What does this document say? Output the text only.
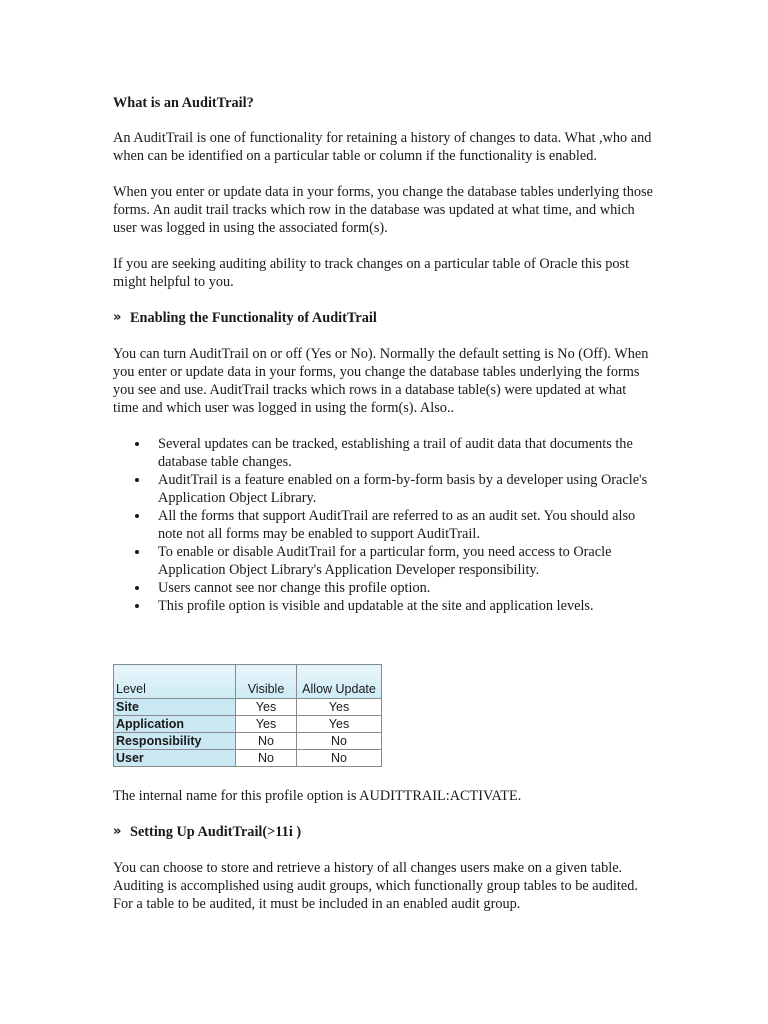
What is an AuditTrail?

An AuditTrail is one of functionality for retaining a history of changes to data. What ,who and when can be identified on a particular table or column if the functionality is enabled.

When you enter or update data in your forms, you change the database tables underlying those forms. An audit trail tracks which row in the database was updated at what time, and which user was logged in using the associated form(s).

If you are seeking auditing ability to track changes on a particular table of Oracle this post might helpful to you.

» Enabling the Functionality of AuditTrail

You can turn AuditTrail on or off (Yes or No). Normally the default setting is No (Off). When you enter or update data in your forms, you change the database tables underlying the forms you see and use. AuditTrail tracks which rows in a database table(s) were updated at what time and which user was logged in using the form(s). Also..

Several updates can be tracked, establishing a trail of audit data that documents the database table changes.
AuditTrail is a feature enabled on a form-by-form basis by a developer using Oracle's Application Object Library.
All the forms that support AuditTrail are referred to as an audit set. You should also note not all forms may be enabled to support AuditTrail.
To enable or disable AuditTrail for a particular form, you need access to Oracle Application Object Library's Application Developer responsibility.
Users cannot see nor change this profile option.
This profile option is visible and updatable at the site and application levels.
Level	Visible	Allow Update
Site	Yes	Yes
Application	Yes	Yes
Responsibility	No	No
User	No	No

The internal name for this profile option is AUDITTRAIL:ACTIVATE.

» Setting Up AuditTrail(>11i )

You can choose to store and retrieve a history of all changes users make on a given table. Auditing is accomplished using audit groups, which functionally group tables to be audited. For a table to be audited, it must be included in an enabled audit group.
